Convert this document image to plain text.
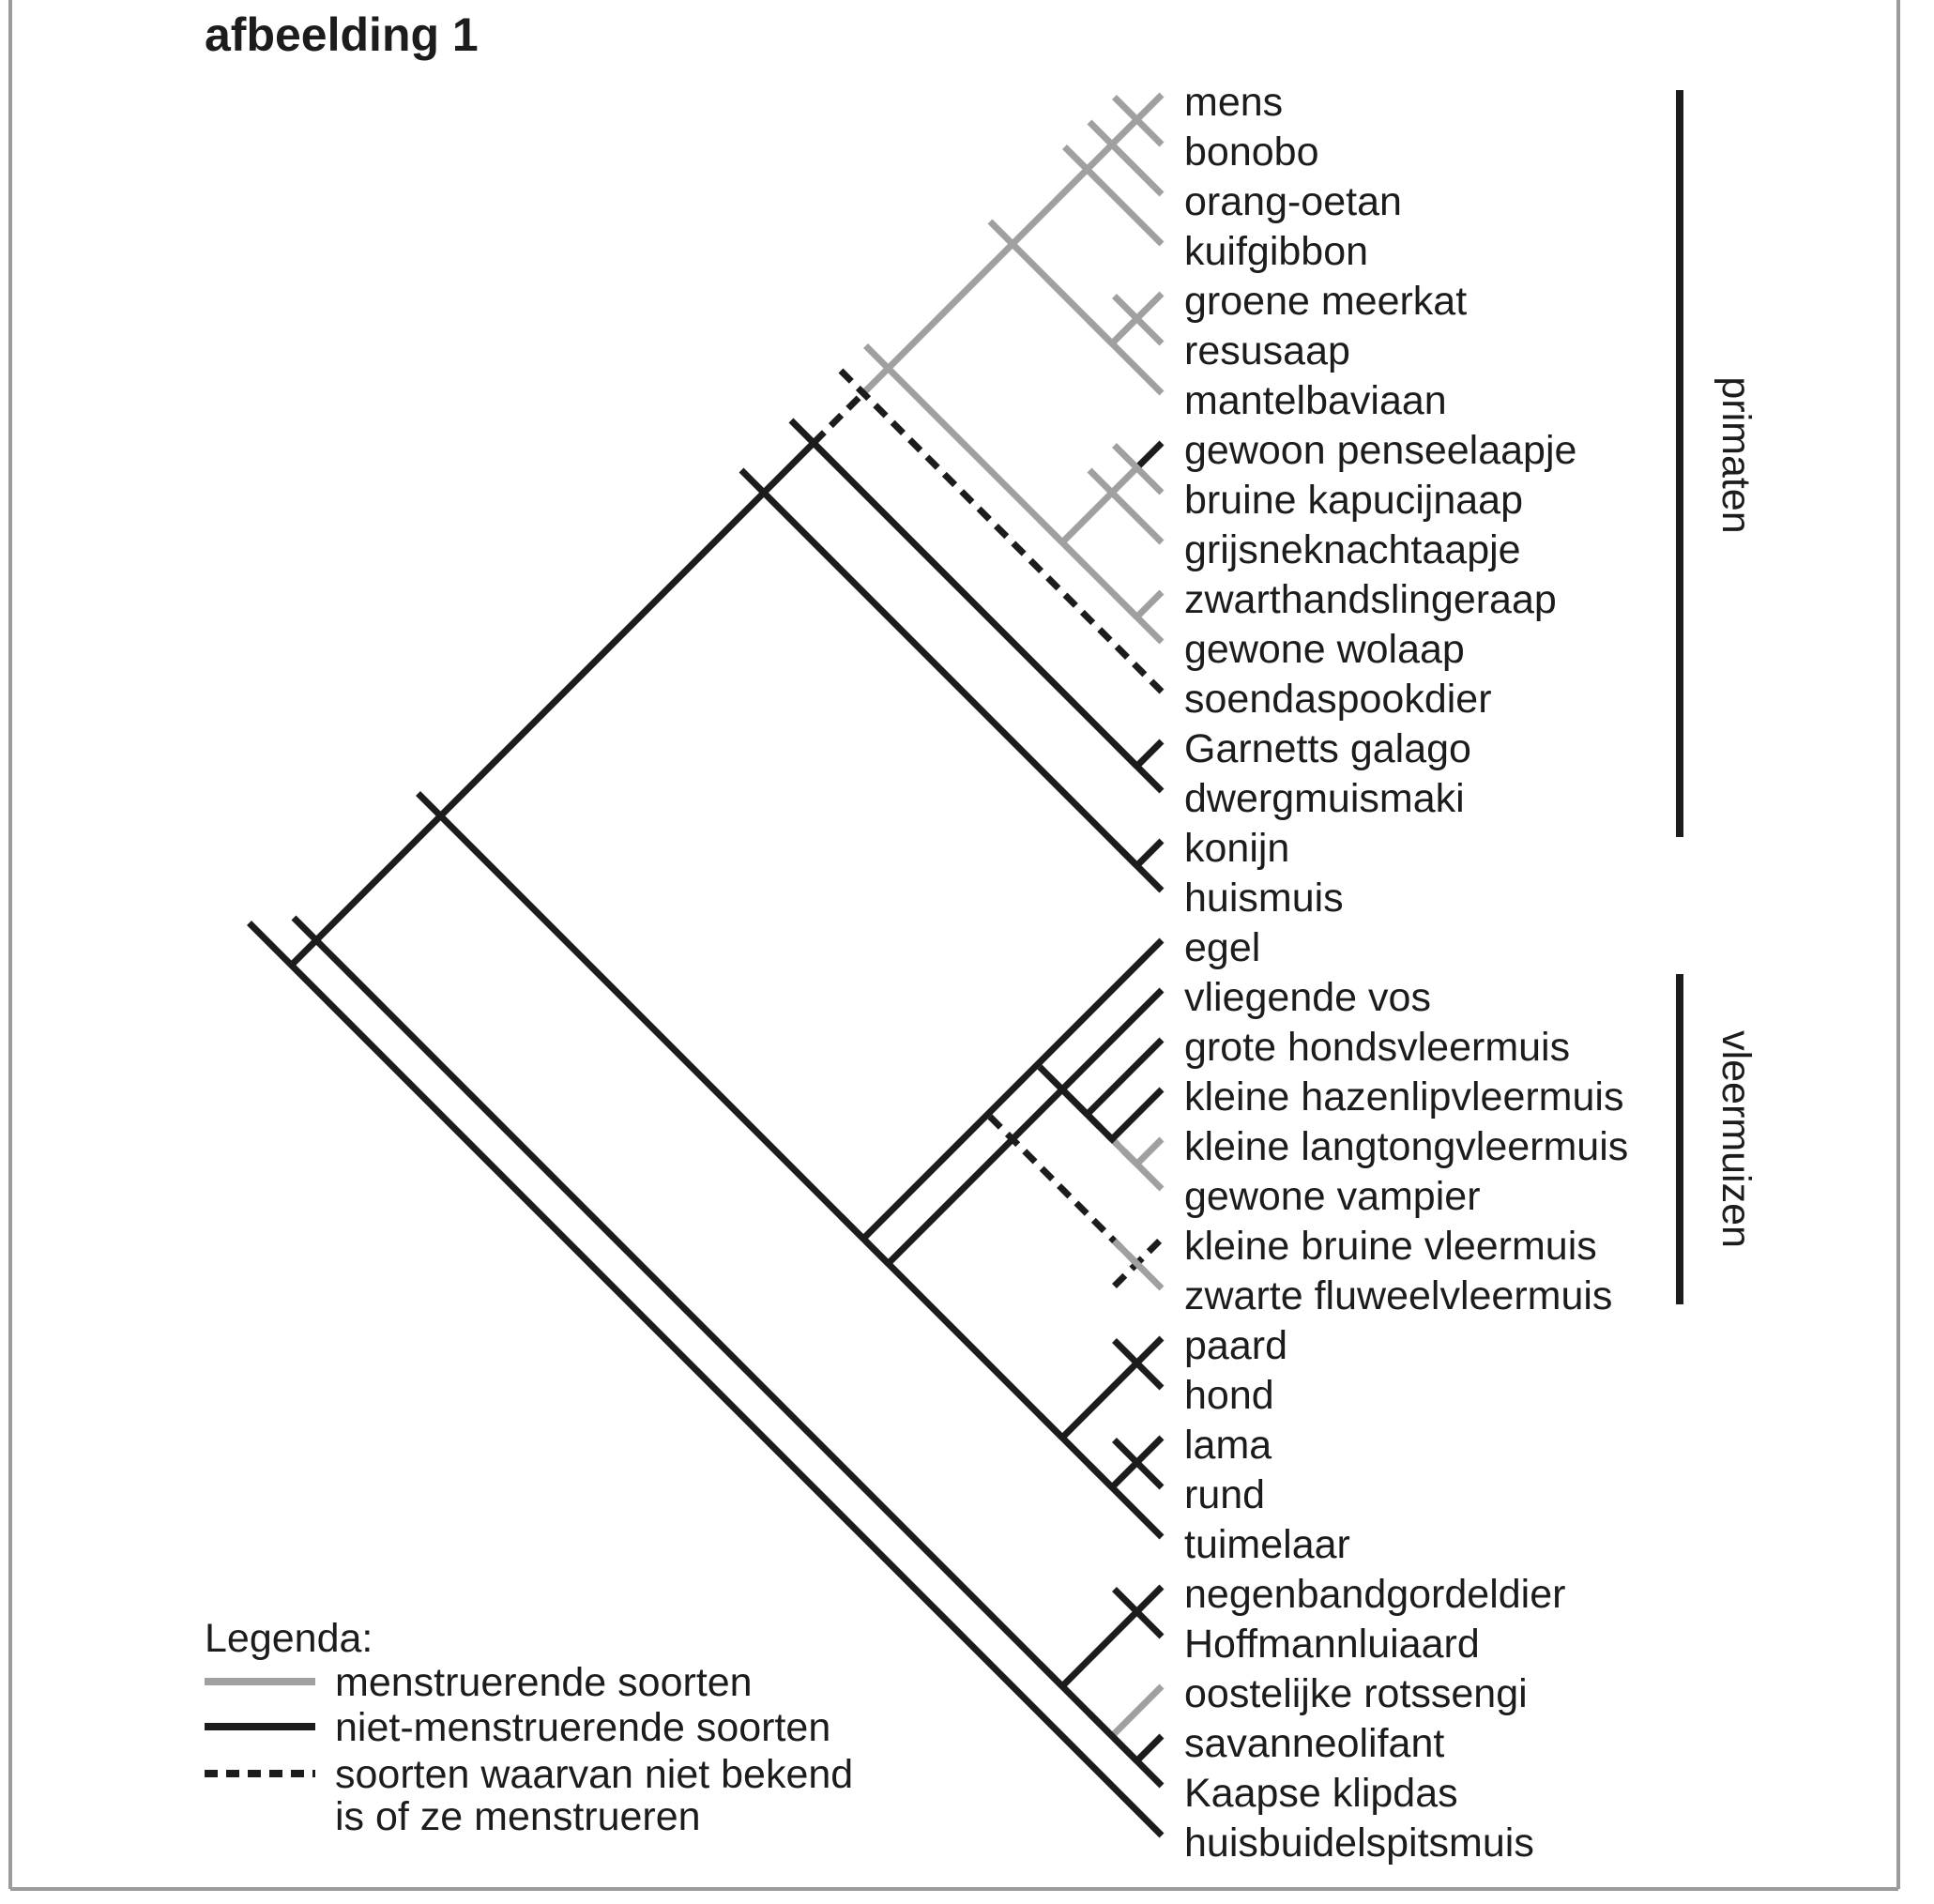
afbeelding 1
mens
bonobo
orang-oetan
kuifgibbon
groene meerkat
resusaap
mantelbaviaan
gewoon penseelaapje
bruine kapucijnaap
grijsneknachtaapje
zwarthandslingeraap
gewone wolaap
soendaspookdier
Garnetts galago
dwergmuismaki
konijn
huismuis
egel
vliegende vos
grote hondsvleermuis
kleine hazenlipvleermuis
kleine langtongvleermuis
gewone vampier
kleine bruine vleermuis
zwarte fluweelvleermuis
paard
hond
lama
rund
tuimelaar
negenbandgordeldier
Hoffmannluiaard
oostelijke rotssengi
savanneolifant
Kaapse klipdas
huisbuidelspitsmuis
primaten
vleermuizen
Legenda:
menstruerende soorten
niet-menstruerende soorten
soorten waarvan niet bekend
is of ze menstrueren
